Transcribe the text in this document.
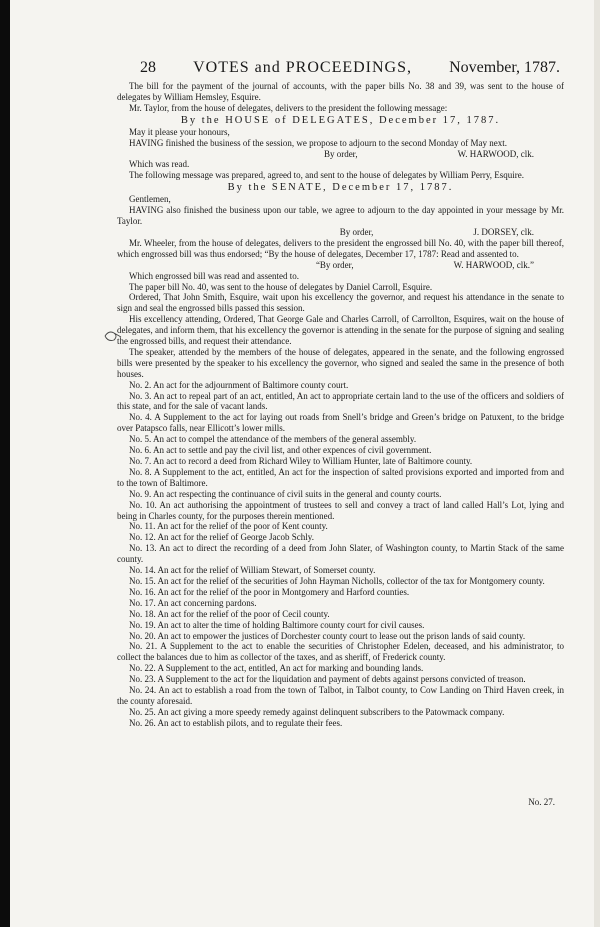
28 VOTES and PROCEEDINGS, November, 1787.

The bill for the payment of the journal of accounts, with the paper bills No. 38 and 39, was sent to the house of delegates by William Hemsley, Esquire.

Mr. Taylor, from the house of delegates, delivers to the president the following message:

By the HOUSE of DELEGATES, December 17, 1787.

May it please your honours,

HAVING finished the business of the session, we propose to adjourn to the second Monday of May next.

By order,	W. HARWOOD, clk.

Which was read.

The following message was prepared, agreed to, and sent to the house of delegates by William Perry, Esquire.

By the SENATE, December 17, 1787.

Gentlemen,

HAVING also finished the business upon our table, we agree to adjourn to the day appointed in your message by Mr. Taylor.

By order,	J. DORSEY, clk.

Mr. Wheeler, from the house of delegates, delivers to the president the engrossed bill No. 40, with the paper bill thereof, which engrossed bill was thus endorsed; “By the house of delegates, December 17, 1787: Read and assented to.

“By order,	W. HARWOOD, clk.”

Which engrossed bill was read and assented to.

The paper bill No. 40, was sent to the house of delegates by Daniel Carroll, Esquire.

Ordered, That John Smith, Esquire, wait upon his excellency the governor, and request his attendance in the senate to sign and seal the engrossed bills passed this session.

His excellency attending, Ordered, That George Gale and Charles Carroll, of Carrollton, Esquires, wait on the house of delegates, and inform them, that his excellency the governor is attending in the senate for the purpose of signing and sealing the engrossed bills, and request their attendance.

The speaker, attended by the members of the house of delegates, appeared in the senate, and the following engrossed bills were presented by the speaker to his excellency the governor, who signed and sealed the same in the presence of both houses.

No. 2. An act for the adjournment of Baltimore county court.

No. 3. An act to repeal part of an act, entitled, An act to appropriate certain land to the use of the officers and soldiers of this state, and for the sale of vacant lands.

No. 4. A Supplement to the act for laying out roads from Snell’s bridge and Green’s bridge on Patuxent, to the bridge over Patapsco falls, near Ellicott’s lower mills.

No. 5. An act to compel the attendance of the members of the general assembly.

No. 6. An act to settle and pay the civil list, and other expences of civil government.

No. 7. An act to record a deed from Richard Wiley to William Hunter, late of Baltimore county.

No. 8. A Supplement to the act, entitled, An act for the inspection of salted provisions exported and imported from and to the town of Baltimore.

No. 9. An act respecting the continuance of civil suits in the general and county courts.

No. 10. An act authorising the appointment of trustees to sell and convey a tract of land called Hall’s Lot, lying and being in Charles county, for the purposes therein mentioned.

No. 11. An act for the relief of the poor of Kent county.

No. 12. An act for the relief of George Jacob Schly.

No. 13. An act to direct the recording of a deed from John Slater, of Washington county, to Martin Stack of the same county.

No. 14. An act for the relief of William Stewart, of Somerset county.

No. 15. An act for the relief of the securities of John Hayman Nicholls, collector of the tax for Montgomery county.

No. 16. An act for the relief of the poor in Montgomery and Harford counties.

No. 17. An act concerning pardons.

No. 18. An act for the relief of the poor of Cecil county.

No. 19. An act to alter the time of holding Baltimore county court for civil causes.

No. 20. An act to empower the justices of Dorchester county court to lease out the prison lands of said county.

No. 21. A Supplement to the act to enable the securities of Christopher Edelen, deceased, and his administrator, to collect the balances due to him as collector of the taxes, and as sheriff, of Frederick county.

No. 22. A Supplement to the act, entitled, An act for marking and bounding lands.

No. 23. A Supplement to the act for the liquidation and payment of debts against persons convicted of treason.

No. 24. An act to establish a road from the town of Talbot, in Talbot county, to Cow Landing on Third Haven creek, in the county aforesaid.

No. 25. An act giving a more speedy remedy against delinquent subscribers to the Patowmack company.

No. 26. An act to establish pilots, and to regulate their fees.

No. 27.
